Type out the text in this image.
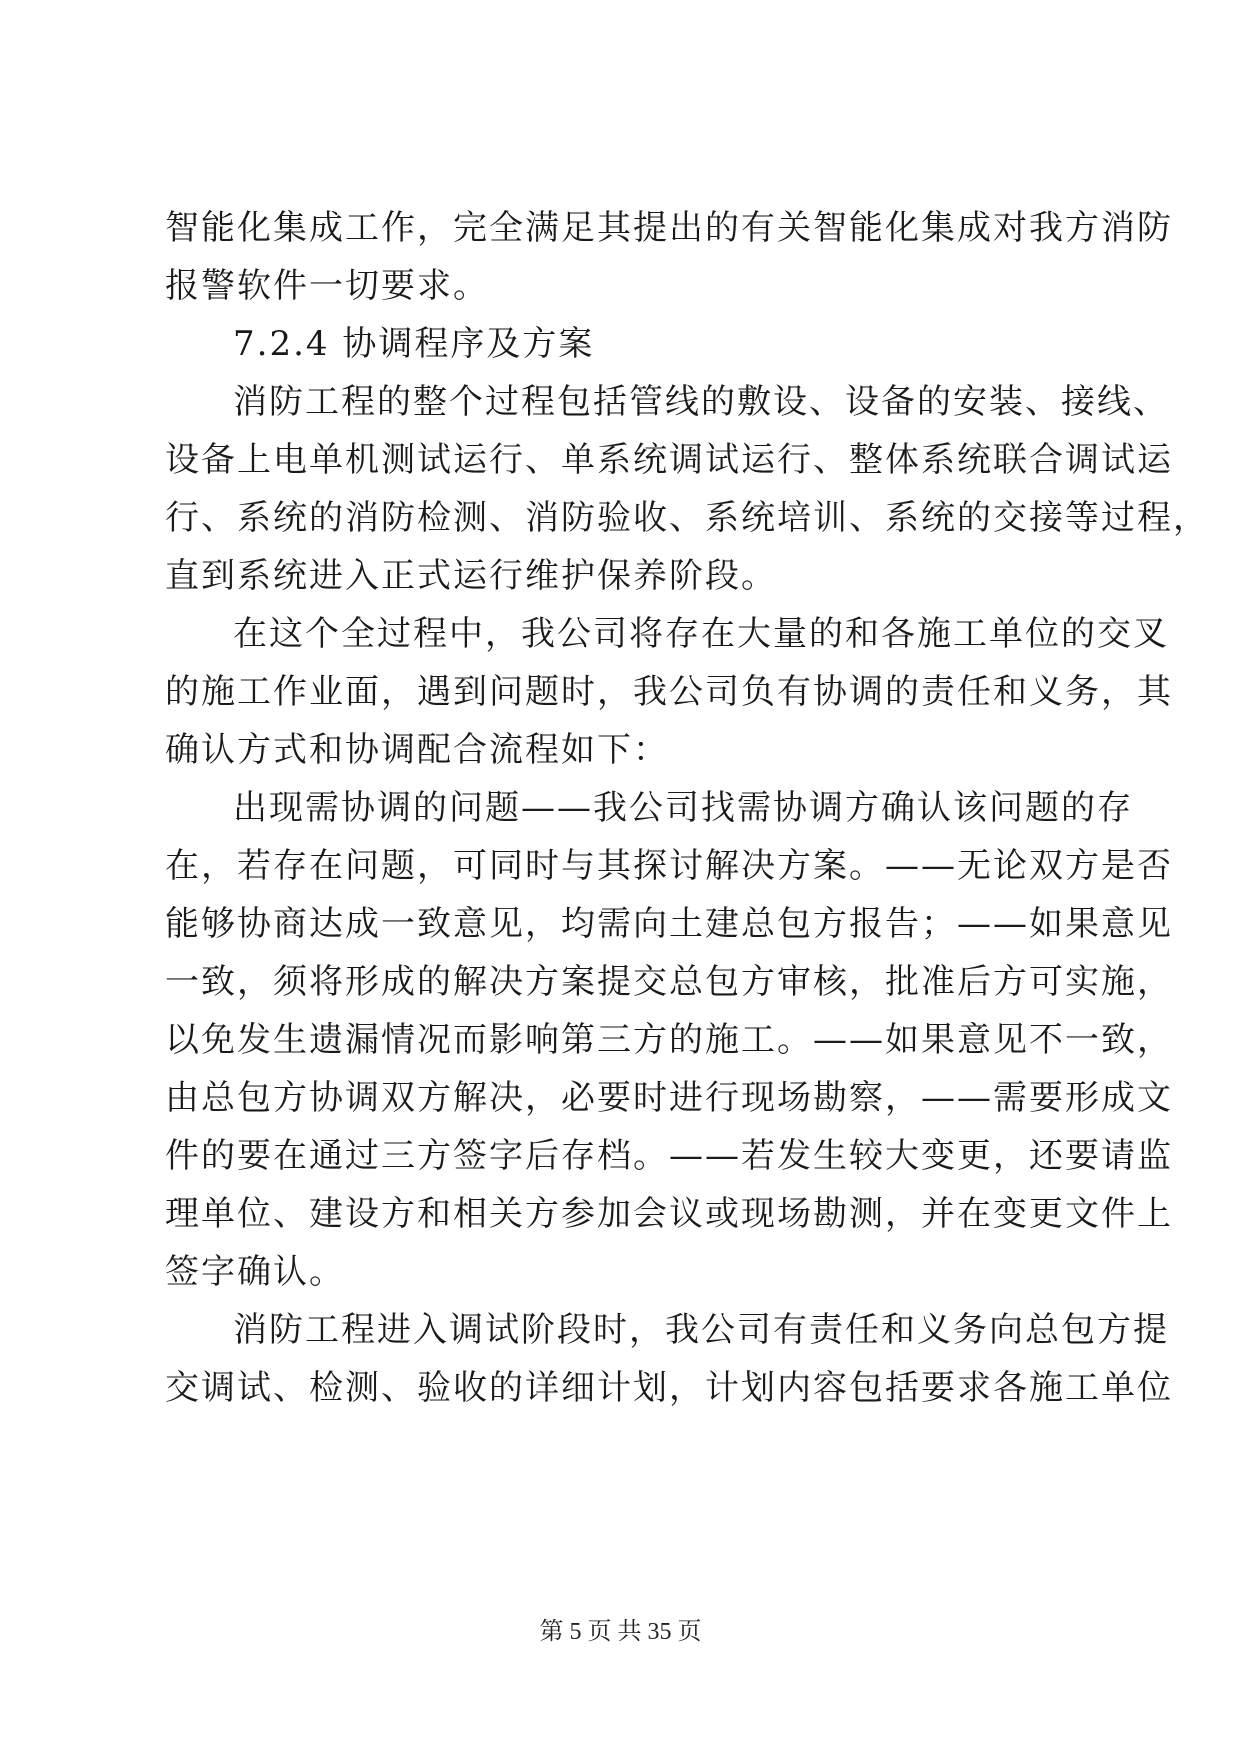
智能化集成工作，完全满足其提出的有关智能化集成对我方消防
报警软件一切要求。
7.2.4 协调程序及方案
消防工程的整个过程包括管线的敷设、设备的安装、接线、
设备上电单机测试运行、单系统调试运行、整体系统联合调试运
行、系统的消防检测、消防验收、系统培训、系统的交接等过程，
直到系统进入正式运行维护保养阶段。
在这个全过程中，我公司将存在大量的和各施工单位的交叉
的施工作业面，遇到问题时，我公司负有协调的责任和义务，其
确认方式和协调配合流程如下：
出现需协调的问题——我公司找需协调方确认该问题的存
在，若存在问题，可同时与其探讨解决方案。——无论双方是否
能够协商达成一致意见，均需向土建总包方报告；——如果意见
一致，须将形成的解决方案提交总包方审核，批准后方可实施，
以免发生遗漏情况而影响第三方的施工。——如果意见不一致，
由总包方协调双方解决，必要时进行现场勘察，——需要形成文
件的要在通过三方签字后存档。——若发生较大变更，还要请监
理单位、建设方和相关方参加会议或现场勘测，并在变更文件上
签字确认。
消防工程进入调试阶段时，我公司有责任和义务向总包方提
交调试、检测、验收的详细计划，计划内容包括要求各施工单位
第 5 页 共 35 页
